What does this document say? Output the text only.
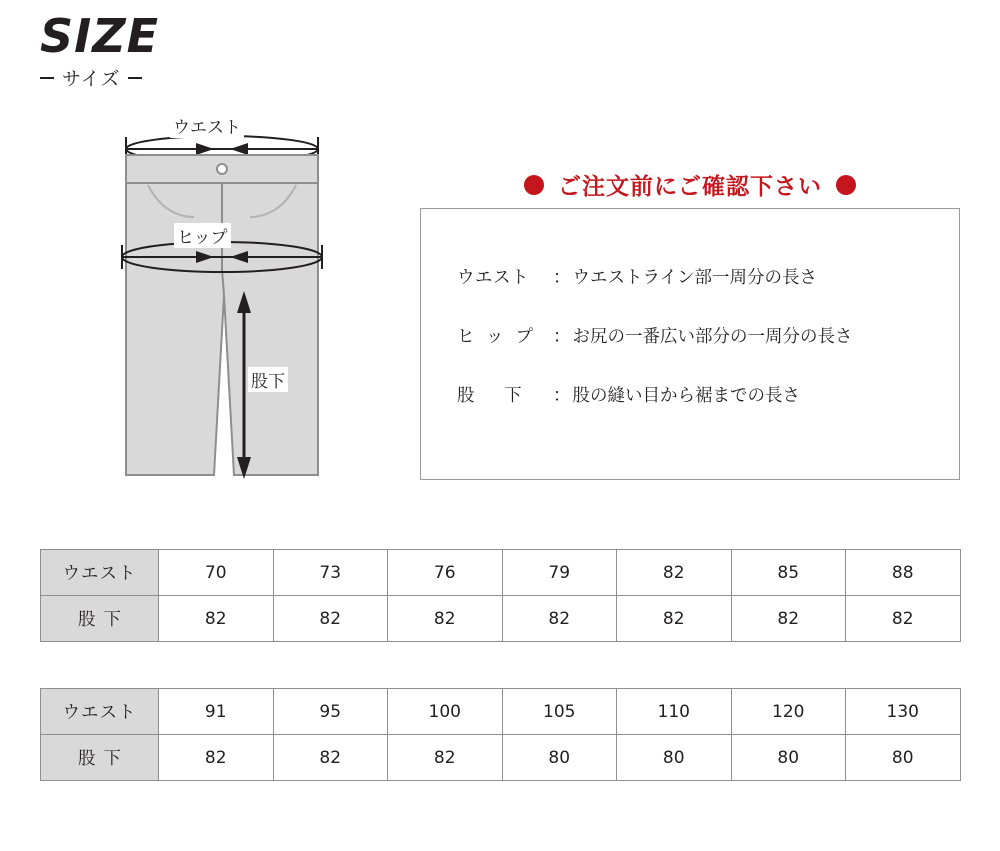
SIZE
サイズ
ウエスト
ヒップ
股下
ご注文前にご確認下さい
ウエスト	： ウエストライン部一周分の長さ
ヒップ ： お尻の一番広い部分の一周分の長さ
股 下	： 股の縫い目から裾までの長さ
ウエスト	70	73	76	79	82	85	88
股下	82	82	82	82	82	82	82
ウエスト	91	95	100	105	110	120	130
股下	82	82	82	80	80	80	80
